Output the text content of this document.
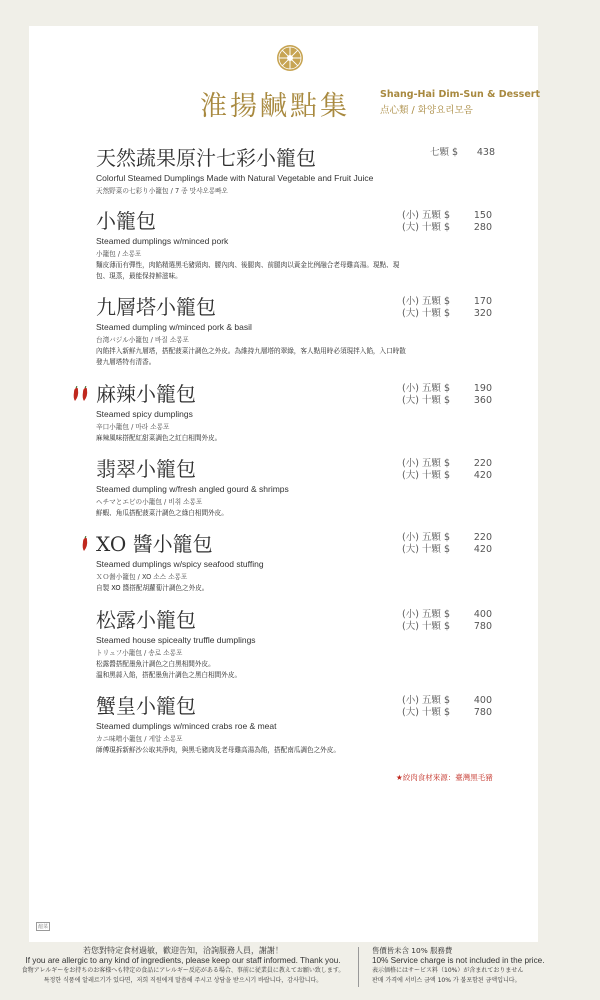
淮揚鹹點集	Shang-Hai Dim-Sun & Dessert
点心類 / 화양요리모음
天然蔬果原汁七彩小籠包
Colorful Steamed Dumplings Made with Natural Vegetable and Fruit Juice
天然野菜の七彩り小籠包 / 7 종 맛샤오롱빠오
七顆 $ 438
小籠包
Steamed dumplings w/minced pork
小籠包 / 소롱포
麵皮薄而有彈性，肉餡精選黑毛豬頸肉、腰內肉、後腿肉、前腿肉以黃金比例融合老母雞高湯。現點、現包、現蒸，最能保持鮮滋味。
(小) 五顆 $	150
(大) 十顆 $	280
九層塔小籠包
Steamed dumpling w/minced pork & basil
台湾バジル小籠包 / 바질 소롱포
內餡拌入新鮮九層塔，搭配菠菜汁調色之外皮。為維持九層塔的翠綠，客人點用時必須現拌入餡，入口時散發九層塔特有清香。
(小) 五顆 $	170
(大) 十顆 $	320
麻辣小籠包
Steamed spicy dumplings
辛口小籠包 / 마라 소롱포
麻辣風味搭配紅甜菜調色之紅白相間外皮。
(小) 五顆 $	190
(大) 十顆 $	360
翡翠小籠包
Steamed dumpling w/fresh angled gourd & shrimps
ヘチマとエビの小籠包 / 비취 소롱포
鮮蝦、角瓜搭配菠菜汁調色之綠白相間外皮。
(小) 五顆 $	220
(大) 十顆 $	420
XO 醬小籠包
Steamed dumplings w/spicy seafood stuffing
ＸＯ醤小籠包 / XO 소스 소롱포
自製 XO 醬搭配胡蘿蔔汁調色之外皮。
(小) 五顆 $	220
(大) 十顆 $	420
松露小籠包
Steamed house spicealty truffle dumplings
トリュフ小籠包 / 송로 소롱포
松露醬搭配墨魚汁調色之白黑相間外皮。
溫和黑蒜入餡，搭配墨魚汁調色之黑白相間外皮。
(小) 五顆 $	400
(大) 十顆 $	780
蟹皇小籠包
Steamed dumplings w/minced crabs roe & meat
カニ味噌小籠包 / 게알 소롱포
師傅現拆新鮮沙公取其淨肉，與黑毛豬肉及老母雞高湯為餡，搭配南瓜調色之外皮。
(小) 五顆 $	400
(大) 十顆 $	780
★絞肉食材來源：臺灣黑毛豬
滬菜
若您對特定食材過敏，歡迎告知，洽詢服務人員，謝謝！
If you are allergic to any kind of ingredients, please keep our staff informed. Thank you.
食物アレルギーをお持ちのお客様へも特定の食品にアレルギー反応がある場合、事前に従業員に教えてお願い致します。
특정한 식품에 알레르기가 있다면，저희 직원에게 말씀해 주시고 상담을 받으시기 바랍니다，감사합니다。
售價皆未含 10% 服務費
10% Service charge is not included in the price.
表示価格にはサービス料（10%）が含まれておりません
판매 가격에 서비스 금액 10% 가 불포함된 금액입니다。
